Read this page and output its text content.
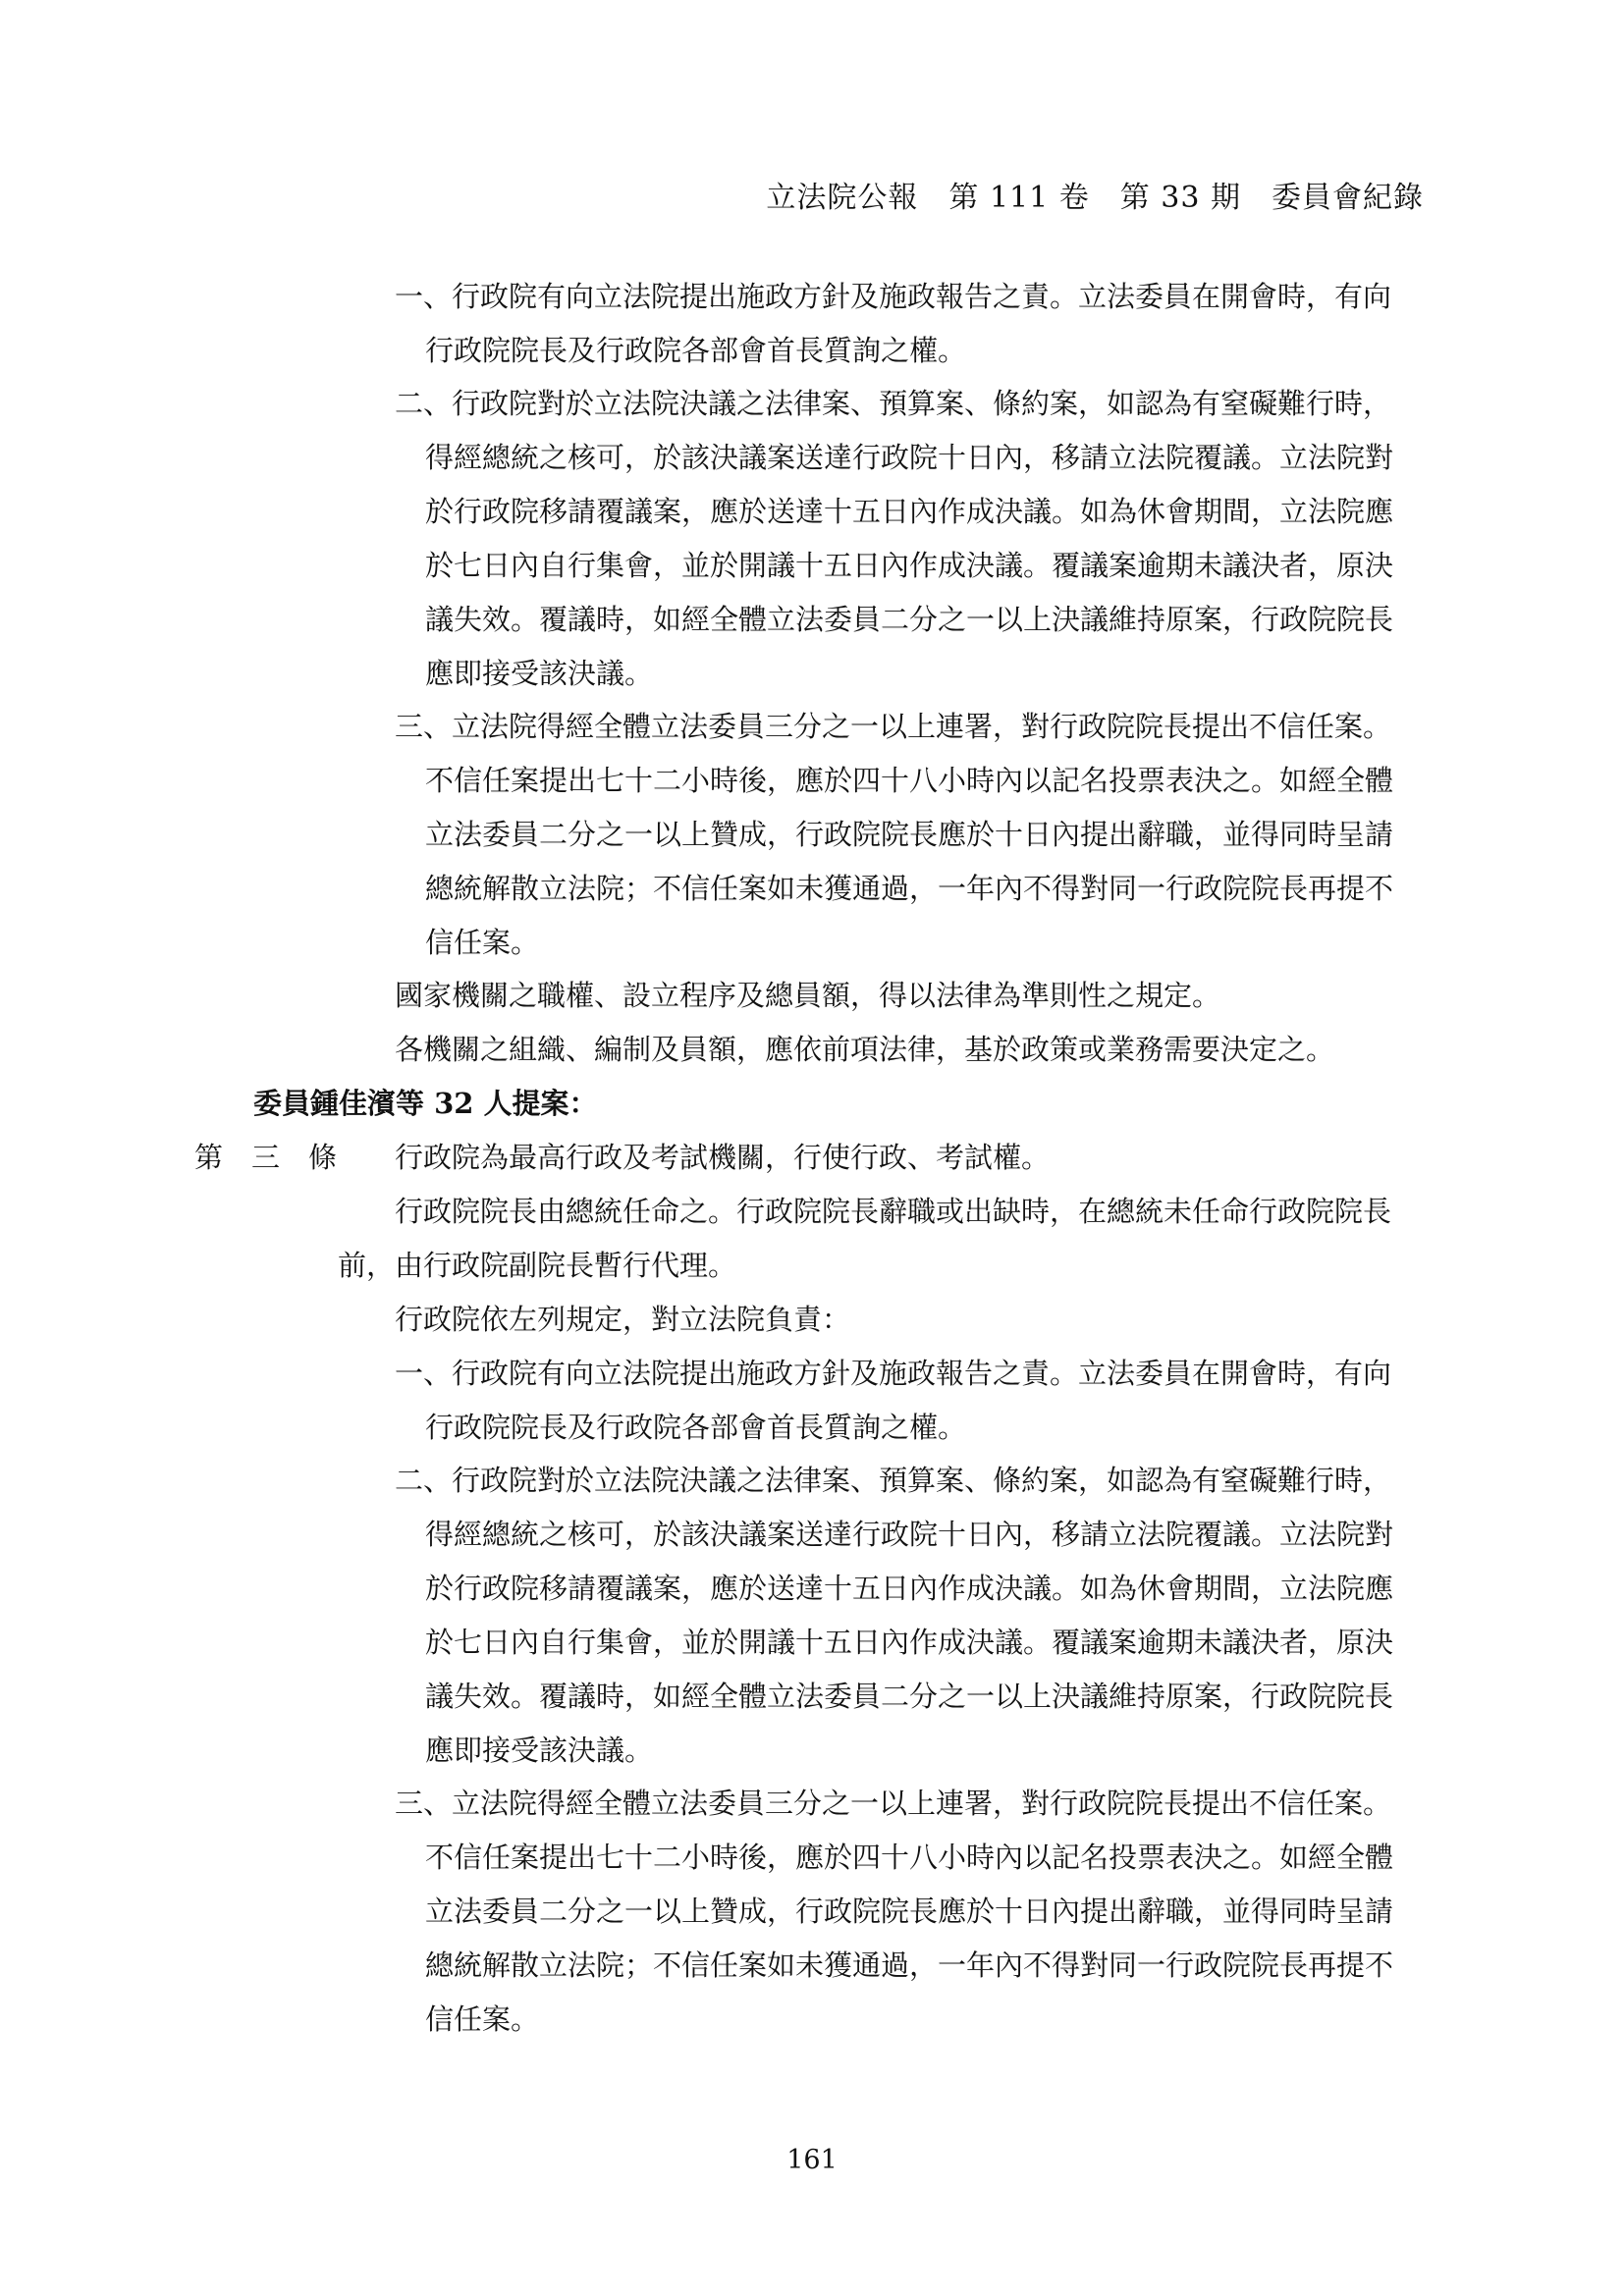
立法院公報　第 111 卷　第 33 期　委員會紀錄
一、行政院有向立法院提出施政方針及施政報告之責。立法委員在開會時，有向
行政院院長及行政院各部會首長質詢之權。
二、行政院對於立法院決議之法律案、預算案、條約案，如認為有窒礙難行時，
得經總統之核可，於該決議案送達行政院十日內，移請立法院覆議。立法院對
於行政院移請覆議案，應於送達十五日內作成決議。如為休會期間，立法院應
於七日內自行集會，並於開議十五日內作成決議。覆議案逾期未議決者，原決
議失效。覆議時，如經全體立法委員二分之一以上決議維持原案，行政院院長
應即接受該決議。
三、立法院得經全體立法委員三分之一以上連署，對行政院院長提出不信任案。
不信任案提出七十二小時後，應於四十八小時內以記名投票表決之。如經全體
立法委員二分之一以上贊成，行政院院長應於十日內提出辭職，並得同時呈請
總統解散立法院；不信任案如未獲通過，一年內不得對同一行政院院長再提不
信任案。
國家機關之職權、設立程序及總員額，得以法律為準則性之規定。
各機關之組織、編制及員額，應依前項法律，基於政策或業務需要決定之。
委員鍾佳濱等 32 人提案：
第　三　條 行政院為最高行政及考試機關，行使行政、考試權。
行政院院長由總統任命之。行政院院長辭職或出缺時，在總統未任命行政院院長
前，由行政院副院長暫行代理。
行政院依左列規定，對立法院負責：
一、行政院有向立法院提出施政方針及施政報告之責。立法委員在開會時，有向
行政院院長及行政院各部會首長質詢之權。
二、行政院對於立法院決議之法律案、預算案、條約案，如認為有窒礙難行時，
得經總統之核可，於該決議案送達行政院十日內，移請立法院覆議。立法院對
於行政院移請覆議案，應於送達十五日內作成決議。如為休會期間，立法院應
於七日內自行集會，並於開議十五日內作成決議。覆議案逾期未議決者，原決
議失效。覆議時，如經全體立法委員二分之一以上決議維持原案，行政院院長
應即接受該決議。
三、立法院得經全體立法委員三分之一以上連署，對行政院院長提出不信任案。
不信任案提出七十二小時後，應於四十八小時內以記名投票表決之。如經全體
立法委員二分之一以上贊成，行政院院長應於十日內提出辭職，並得同時呈請
總統解散立法院；不信任案如未獲通過，一年內不得對同一行政院院長再提不
信任案。
161
